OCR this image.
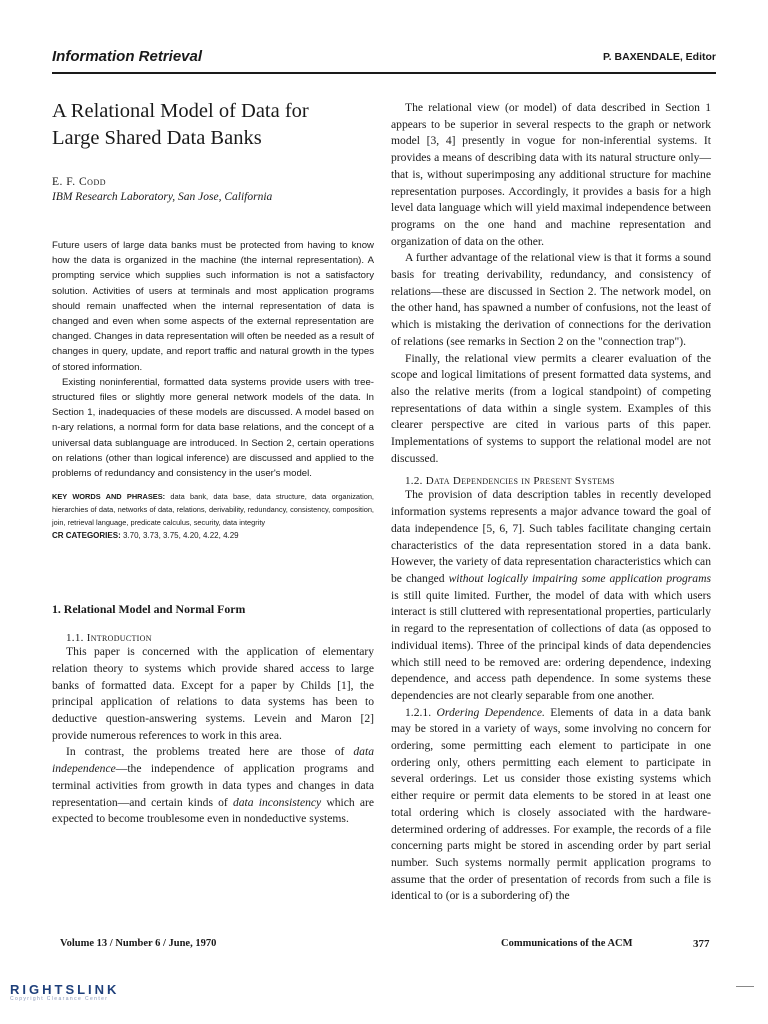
Information Retrieval	P. BAXENDALE, Editor
A Relational Model of Data for
Large Shared Data Banks
E. F. Codd
IBM Research Laboratory, San Jose, California

Future users of large data banks must be protected from having to know how the data is organized in the machine (the internal representation). A prompting service which supplies such information is not a satisfactory solution. Activities of users at terminals and most application programs should remain unaffected when the internal representation of data is changed and even when some aspects of the external representation are changed. Changes in data representation will often be needed as a result of changes in query, update, and report traffic and natural growth in the types of stored information.

Existing noninferential, formatted data systems provide users with tree-structured files or slightly more general network models of the data. In Section 1, inadequacies of these models are discussed. A model based on n-ary relations, a normal form for data base relations, and the concept of a universal data sublanguage are introduced. In Section 2, certain operations on relations (other than logical inference) are discussed and applied to the problems of redundancy and consistency in the user's model.

KEY WORDS AND PHRASES: data bank, data base, data structure, data organization, hierarchies of data, networks of data, relations, derivability, redundancy, consistency, composition, join, retrieval language, predicate calculus, security, data integrity
CR CATEGORIES: 3.70, 3.73, 3.75, 4.20, 4.22, 4.29
1. Relational Model and Normal Form
1.1. Introduction

This paper is concerned with the application of elementary relation theory to systems which provide shared access to large banks of formatted data. Except for a paper by Childs [1], the principal application of relations to data systems has been to deductive question-answering systems. Levein and Maron [2] provide numerous references to work in this area.

In contrast, the problems treated here are those of data independence—the independence of application programs and terminal activities from growth in data types and changes in data representation—and certain kinds of data inconsistency which are expected to become troublesome even in nondeductive systems.

The relational view (or model) of data described in Section 1 appears to be superior in several respects to the graph or network model [3, 4] presently in vogue for non-inferential systems. It provides a means of describing data with its natural structure only—that is, without superimposing any additional structure for machine representation purposes. Accordingly, it provides a basis for a high level data language which will yield maximal independence between programs on the one hand and machine representation and organization of data on the other.

A further advantage of the relational view is that it forms a sound basis for treating derivability, redundancy, and consistency of relations—these are discussed in Section 2. The network model, on the other hand, has spawned a number of confusions, not the least of which is mistaking the derivation of connections for the derivation of relations (see remarks in Section 2 on the "connection trap").

Finally, the relational view permits a clearer evaluation of the scope and logical limitations of present formatted data systems, and also the relative merits (from a logical standpoint) of competing representations of data within a single system. Examples of this clearer perspective are cited in various parts of this paper. Implementations of systems to support the relational model are not discussed.

1.2. Data Dependencies in Present Systems

The provision of data description tables in recently developed information systems represents a major advance toward the goal of data independence [5, 6, 7]. Such tables facilitate changing certain characteristics of the data representation stored in a data bank. However, the variety of data representation characteristics which can be changed without logically impairing some application programs is still quite limited. Further, the model of data with which users interact is still cluttered with representational properties, particularly in regard to the representation of collections of data (as opposed to individual items). Three of the principal kinds of data dependencies which still need to be removed are: ordering dependence, indexing dependence, and access path dependence. In some systems these dependencies are not clearly separable from one another.

1.2.1. Ordering Dependence. Elements of data in a data bank may be stored in a variety of ways, some involving no concern for ordering, some permitting each element to participate in one ordering only, others permitting each element to participate in several orderings. Let us consider those existing systems which either require or permit data elements to be stored in at least one total ordering which is closely associated with the hardware-determined ordering of addresses. For example, the records of a file concerning parts might be stored in ascending order by part serial number. Such systems normally permit application programs to assume that the order of presentation of records from such a file is identical to (or is a subordering of) the

Volume 13 / Number 6 / June, 1970	Communications of the ACM	377
RIGHTSLINK
Copyright Clearance Center
